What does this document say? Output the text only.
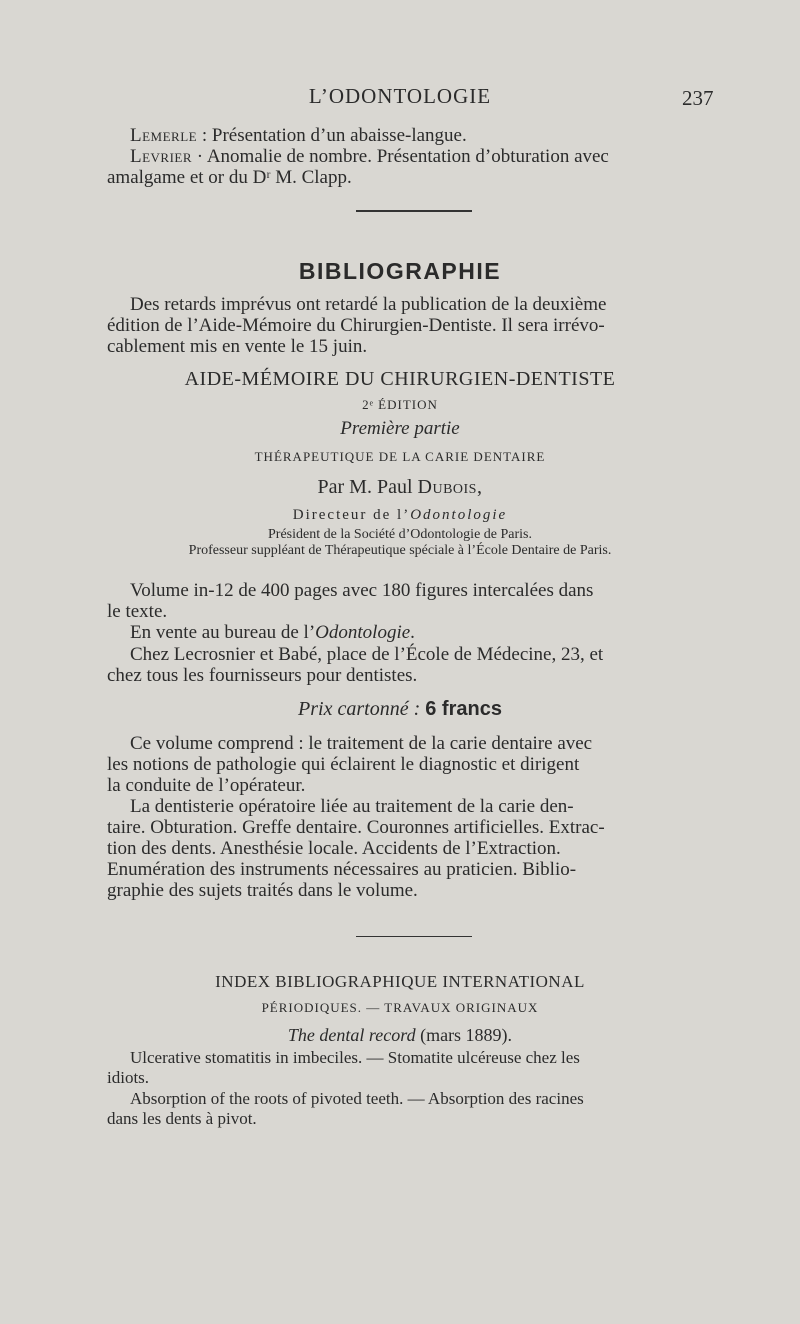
L’ODONTOLOGIE	237
Lemerle : Présentation d’un abaisse-langue.
Levrier · Anomalie de nombre. Présentation d’obturation avec
amalgame et or du Dʳ M. Clapp.
BIBLIOGRAPHIE
Des retards imprévus ont retardé la publication de la deuxième
édition de l’Aide-Mémoire du Chirurgien-Dentiste. Il sera irrévo-
cablement mis en vente le 15 juin.
AIDE-MÉMOIRE DU CHIRURGIEN-DENTISTE
2ᵉ ÉDITION
Première partie
THÉRAPEUTIQUE DE LA CARIE DENTAIRE
Par M. Paul Dubois,
Directeur de l’Odontologie
Président de la Société d’Odontologie de Paris.
Professeur suppléant de Thérapeutique spéciale à l’École Dentaire de Paris.
Volume in-12 de 400 pages avec 180 figures intercalées dans
le texte.
En vente au bureau de l’Odontologie.
Chez Lecrosnier et Babé, place de l’École de Médecine, 23, et
chez tous les fournisseurs pour dentistes.
Prix cartonné : 6 francs
Ce volume comprend : le traitement de la carie dentaire avec
les notions de pathologie qui éclairent le diagnostic et dirigent
la conduite de l’opérateur.
La dentisterie opératoire liée au traitement de la carie den-
taire. Obturation. Greffe dentaire. Couronnes artificielles. Extrac-
tion des dents. Anesthésie locale. Accidents de l’Extraction.
Enumération des instruments nécessaires au praticien. Biblio-
graphie des sujets traités dans le volume.
INDEX BIBLIOGRAPHIQUE INTERNATIONAL
PÉRIODIQUES. — TRAVAUX ORIGINAUX
The dental record (mars 1889).
Ulcerative stomatitis in imbeciles. — Stomatite ulcéreuse chez les
idiots.
Absorption of the roots of pivoted teeth. — Absorption des racines
dans les dents à pivot.
